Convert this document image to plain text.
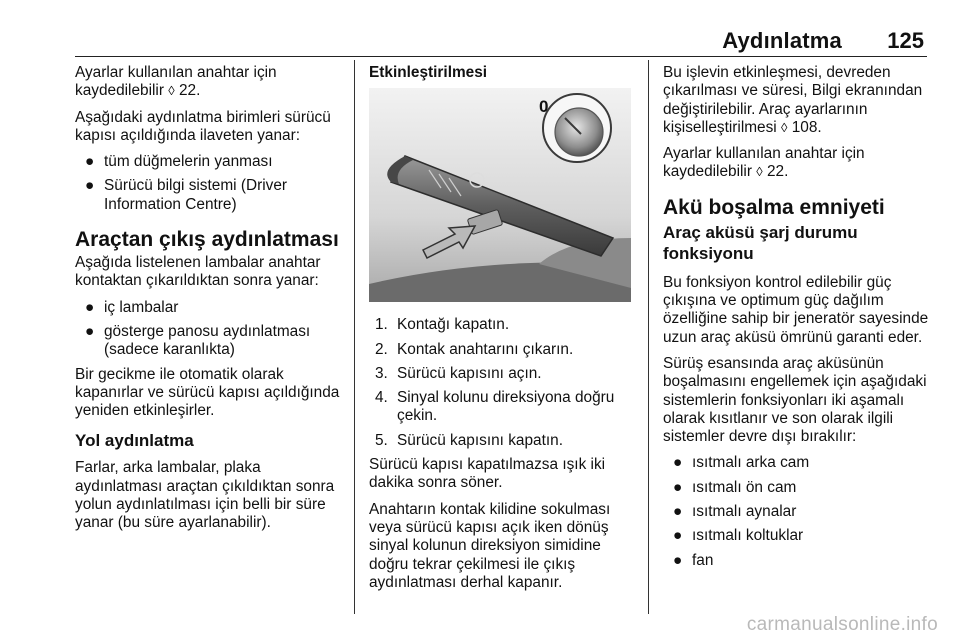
Aydınlatma 125

Ayarlar kullanılan anahtar için kaydedilebilir ◊ 22.

Aşağıdaki aydınlatma birimleri sürücü kapısı açıldığında ilaveten yanar:

● tüm düğmelerin yanması
● Sürücü bilgi sistemi (Driver Information Centre)
Araçtan çıkış aydınlatması

Aşağıda listelenen lambalar anahtar kontaktan çıkarıldıktan sonra yanar:

● iç lambalar
● gösterge panosu aydınlatması (sadece karanlıkta)

Bir gecikme ile otomatik olarak kapanırlar ve sürücü kapısı açıldığında yeniden etkinleşirler.

Yol aydınlatma

Farlar, arka lambalar, plaka aydınlatması araçtan çıkıldıktan sonra yolun aydınlatılması için belli bir süre yanar (bu süre ayarlanabilir).

Etkinleştirilmesi
0
1. Kontağı kapatın.
2. Kontak anahtarını çıkarın.
3. Sürücü kapısını açın.
4. Sinyal kolunu direksiyona doğru çekin.
5. Sürücü kapısını kapatın.

Sürücü kapısı kapatılmazsa ışık iki dakika sonra söner.

Anahtarın kontak kilidine sokulması veya sürücü kapısı açık iken dönüş sinyal kolunun direksiyon simidine doğru tekrar çekilmesi ile çıkış aydınlatması derhal kapanır.

Bu işlevin etkinleşmesi, devreden çıkarılması ve süresi, Bilgi ekranından değiştirilebilir. Araç ayarlarının kişiselleştirilmesi ◊ 108.

Ayarlar kullanılan anahtar için kaydedilebilir ◊ 22.

Akü boşalma emniyeti
Araç aküsü şarj durumu fonksiyonu

Bu fonksiyon kontrol edilebilir güç çıkışına ve optimum güç dağılım özelliğine sahip bir jeneratör sayesinde uzun araç aküsü ömrünü garanti eder.

Sürüş esansında araç aküsünün boşalmasını engellemek için aşağıdaki sistemlerin fonksiyonları iki aşamalı olarak kısıtlanır ve son olarak ilgili sistemler devre dışı bırakılır:

● ısıtmalı arka cam
● ısıtmalı ön cam
● ısıtmalı aynalar
● ısıtmalı koltuklar
● fan
carmanualsonline.info
